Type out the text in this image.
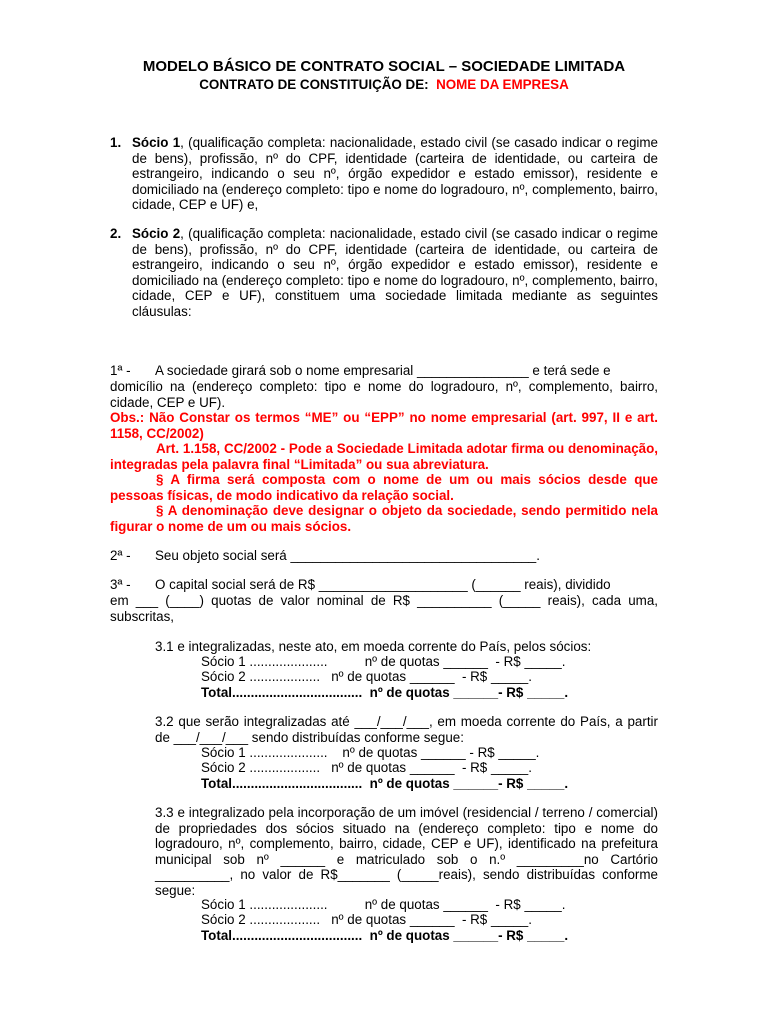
MODELO BÁSICO DE CONTRATO SOCIAL – SOCIEDADE LIMITADA
CONTRATO DE CONSTITUIÇÃO DE: NOME DA EMPRESA
1. Sócio 1, (qualificação completa: nacionalidade, estado civil (se casado indicar o regime de bens), profissão, nº do CPF, identidade (carteira de identidade, ou carteira de estrangeiro, indicando o seu nº, órgão expedidor e estado emissor), residente e domiciliado na (endereço completo: tipo e nome do logradouro, nº, complemento, bairro, cidade, CEP e UF) e,
2. Sócio 2, (qualificação completa: nacionalidade, estado civil (se casado indicar o regime de bens), profissão, nº do CPF, identidade (carteira de identidade, ou carteira de estrangeiro, indicando o seu nº, órgão expedidor e estado emissor), residente e domiciliado na (endereço completo: tipo e nome do logradouro, nº, complemento, bairro, cidade, CEP e UF), constituem uma sociedade limitada mediante as seguintes cláusulas:
1ª - A sociedade girará sob o nome empresarial _______________ e terá sede e
domicílio na (endereço completo: tipo e nome do logradouro, nº, complemento, bairro, cidade, CEP e UF).
Obs.: Não Constar os termos “ME” ou “EPP” no nome empresarial (art. 997, II e art. 1158, CC/2002)
Art. 1.158, CC/2002 - Pode a Sociedade Limitada adotar firma ou denominação, integradas pela palavra final “Limitada” ou sua abreviatura.
§ A firma será composta com o nome de um ou mais sócios desde que pessoas físicas, de modo indicativo da relação social.
§ A denominação deve designar o objeto da sociedade, sendo permitido nela figurar o nome de um ou mais sócios.
2ª - Seu objeto social será _________________________________.
3ª - O capital social será de R$ ____________________ (______ reais), dividido
em ___ (____) quotas de valor nominal de R$ __________ (_____ reais), cada uma, subscritas,
3.1 e integralizadas, neste ato, em moeda corrente do País, pelos sócios:
Sócio 1 .....................          nº de quotas ______  - R$ _____.
Sócio 2 ...................   nº de quotas ______  - R$ _____.
Total...................................  nº de quotas ______- R$ _____.
3.2 que serão integralizadas até ___/___/___, em moeda corrente do País, a partir de ___/___/___ sendo distribuídas conforme segue:
Sócio 1 .....................    nº de quotas ______ - R$ _____.
Sócio 2 ...................   nº de quotas ______  - R$ _____.
Total...................................  nº de quotas ______- R$ _____.
3.3 e integralizado pela incorporação de um imóvel (residencial / terreno / comercial) de propriedades dos sócios situado na (endereço completo: tipo e nome do logradouro, nº, complemento, bairro, cidade, CEP e UF), identificado na prefeitura municipal sob nº ______ e matriculado sob o n.º _________no Cartório __________, no valor de R$_______ (_____reais), sendo distribuídas conforme segue:
Sócio 1 .....................          nº de quotas ______  - R$ _____.
Sócio 2 ...................   nº de quotas ______  - R$ _____.
Total...................................  nº de quotas ______- R$ _____.
